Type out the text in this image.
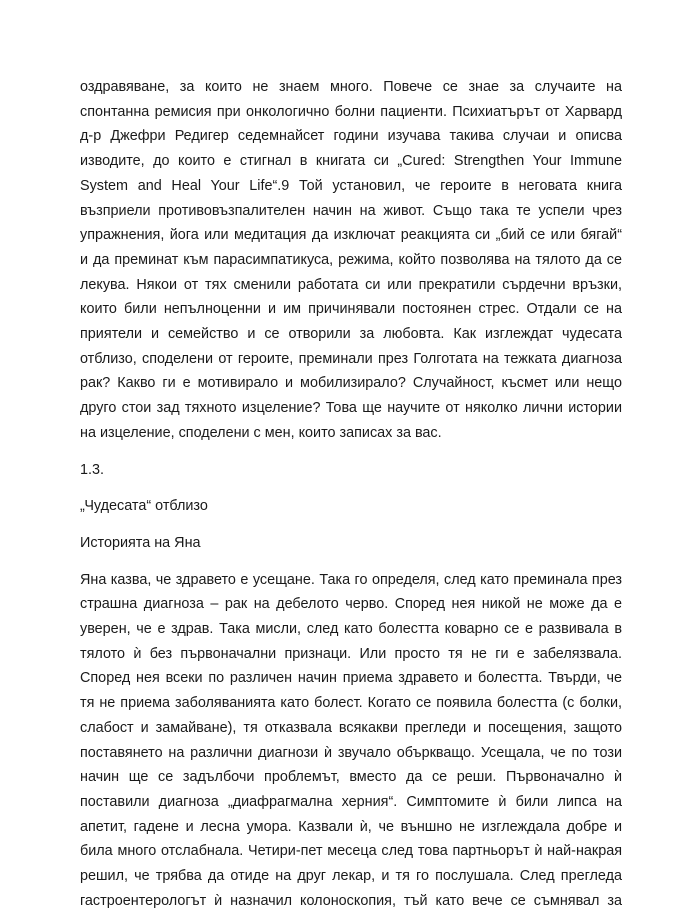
оздравяване, за които не знаем много. Повече се знае за случаите на
спонтанна ремисия при онкологично болни пациенти. Психиатърът от Харвард
д-р Джефри Редигер седемнайсет години изучава такива случаи и описва
изводите, до които е стигнал в книгата си „Cured: Strengthen Your Immune
System and Heal Your Life“.9 Той установил, че героите в неговата книга
възприели противовъзпалителен начин на живот. Също така те успели чрез
упражнения, йога или медитация да изключат реакцията си „бий се или бягай“
и да преминат към парасимпатикуса, режима, който позволява на тялото да се
лекува. Някои от тях сменили работата си или прекратили сърдечни връзки,
които били непълноценни и им причинявали постоянен стрес. Отдали се на
приятели и семейство и се отворили за любовта. Как изглеждат чудесата
отблизо, споделени от героите, преминали през Голготата на тежката диагноза
рак? Какво ги е мотивирало и мобилизирало? Случайност, късмет или нещо
друго стои зад тяхното изцеление? Това ще научите от няколко лични истории
на изцеление, споделени с мен, които записах за вас.

1.3.

„Чудесата“ отблизо

Историята на Яна

Яна казва, че здравето е усещане. Така го определя, след като преминала през
страшна диагноза – рак на дебелото черво. Според нея никой не може да е
уверен, че е здрав. Така мисли, след като болестта коварно се е развивала в
тялото ѝ без първоначални признаци. Или просто тя не ги е забелязвала.
Според нея всеки по различен начин приема здравето и болестта. Твърди, че
тя не приема заболяванията като болест. Когато се появила болестта (с болки,
слабост и замайване), тя отказвала всякакви прегледи и посещения, защото
поставянето на различни диагнози ѝ звучало объркващо. Усещала, че по този
начин ще се задълбочи проблемът, вместо да се реши. Първоначално ѝ
поставили диагноза „диафрагмална херния“. Симптомите ѝ били липса на
апетит, гадене и лесна умора. Казвали ѝ, че външно не изглеждала добре и
била много отслабнала. Четири-пет месеца след това партньорът ѝ най-накрая
решил, че трябва да отиде на друг лекар, и тя го послушала. След прегледа
гастроентерологът ѝ назначил колоноскопия, тъй като вече се съмнявал за
